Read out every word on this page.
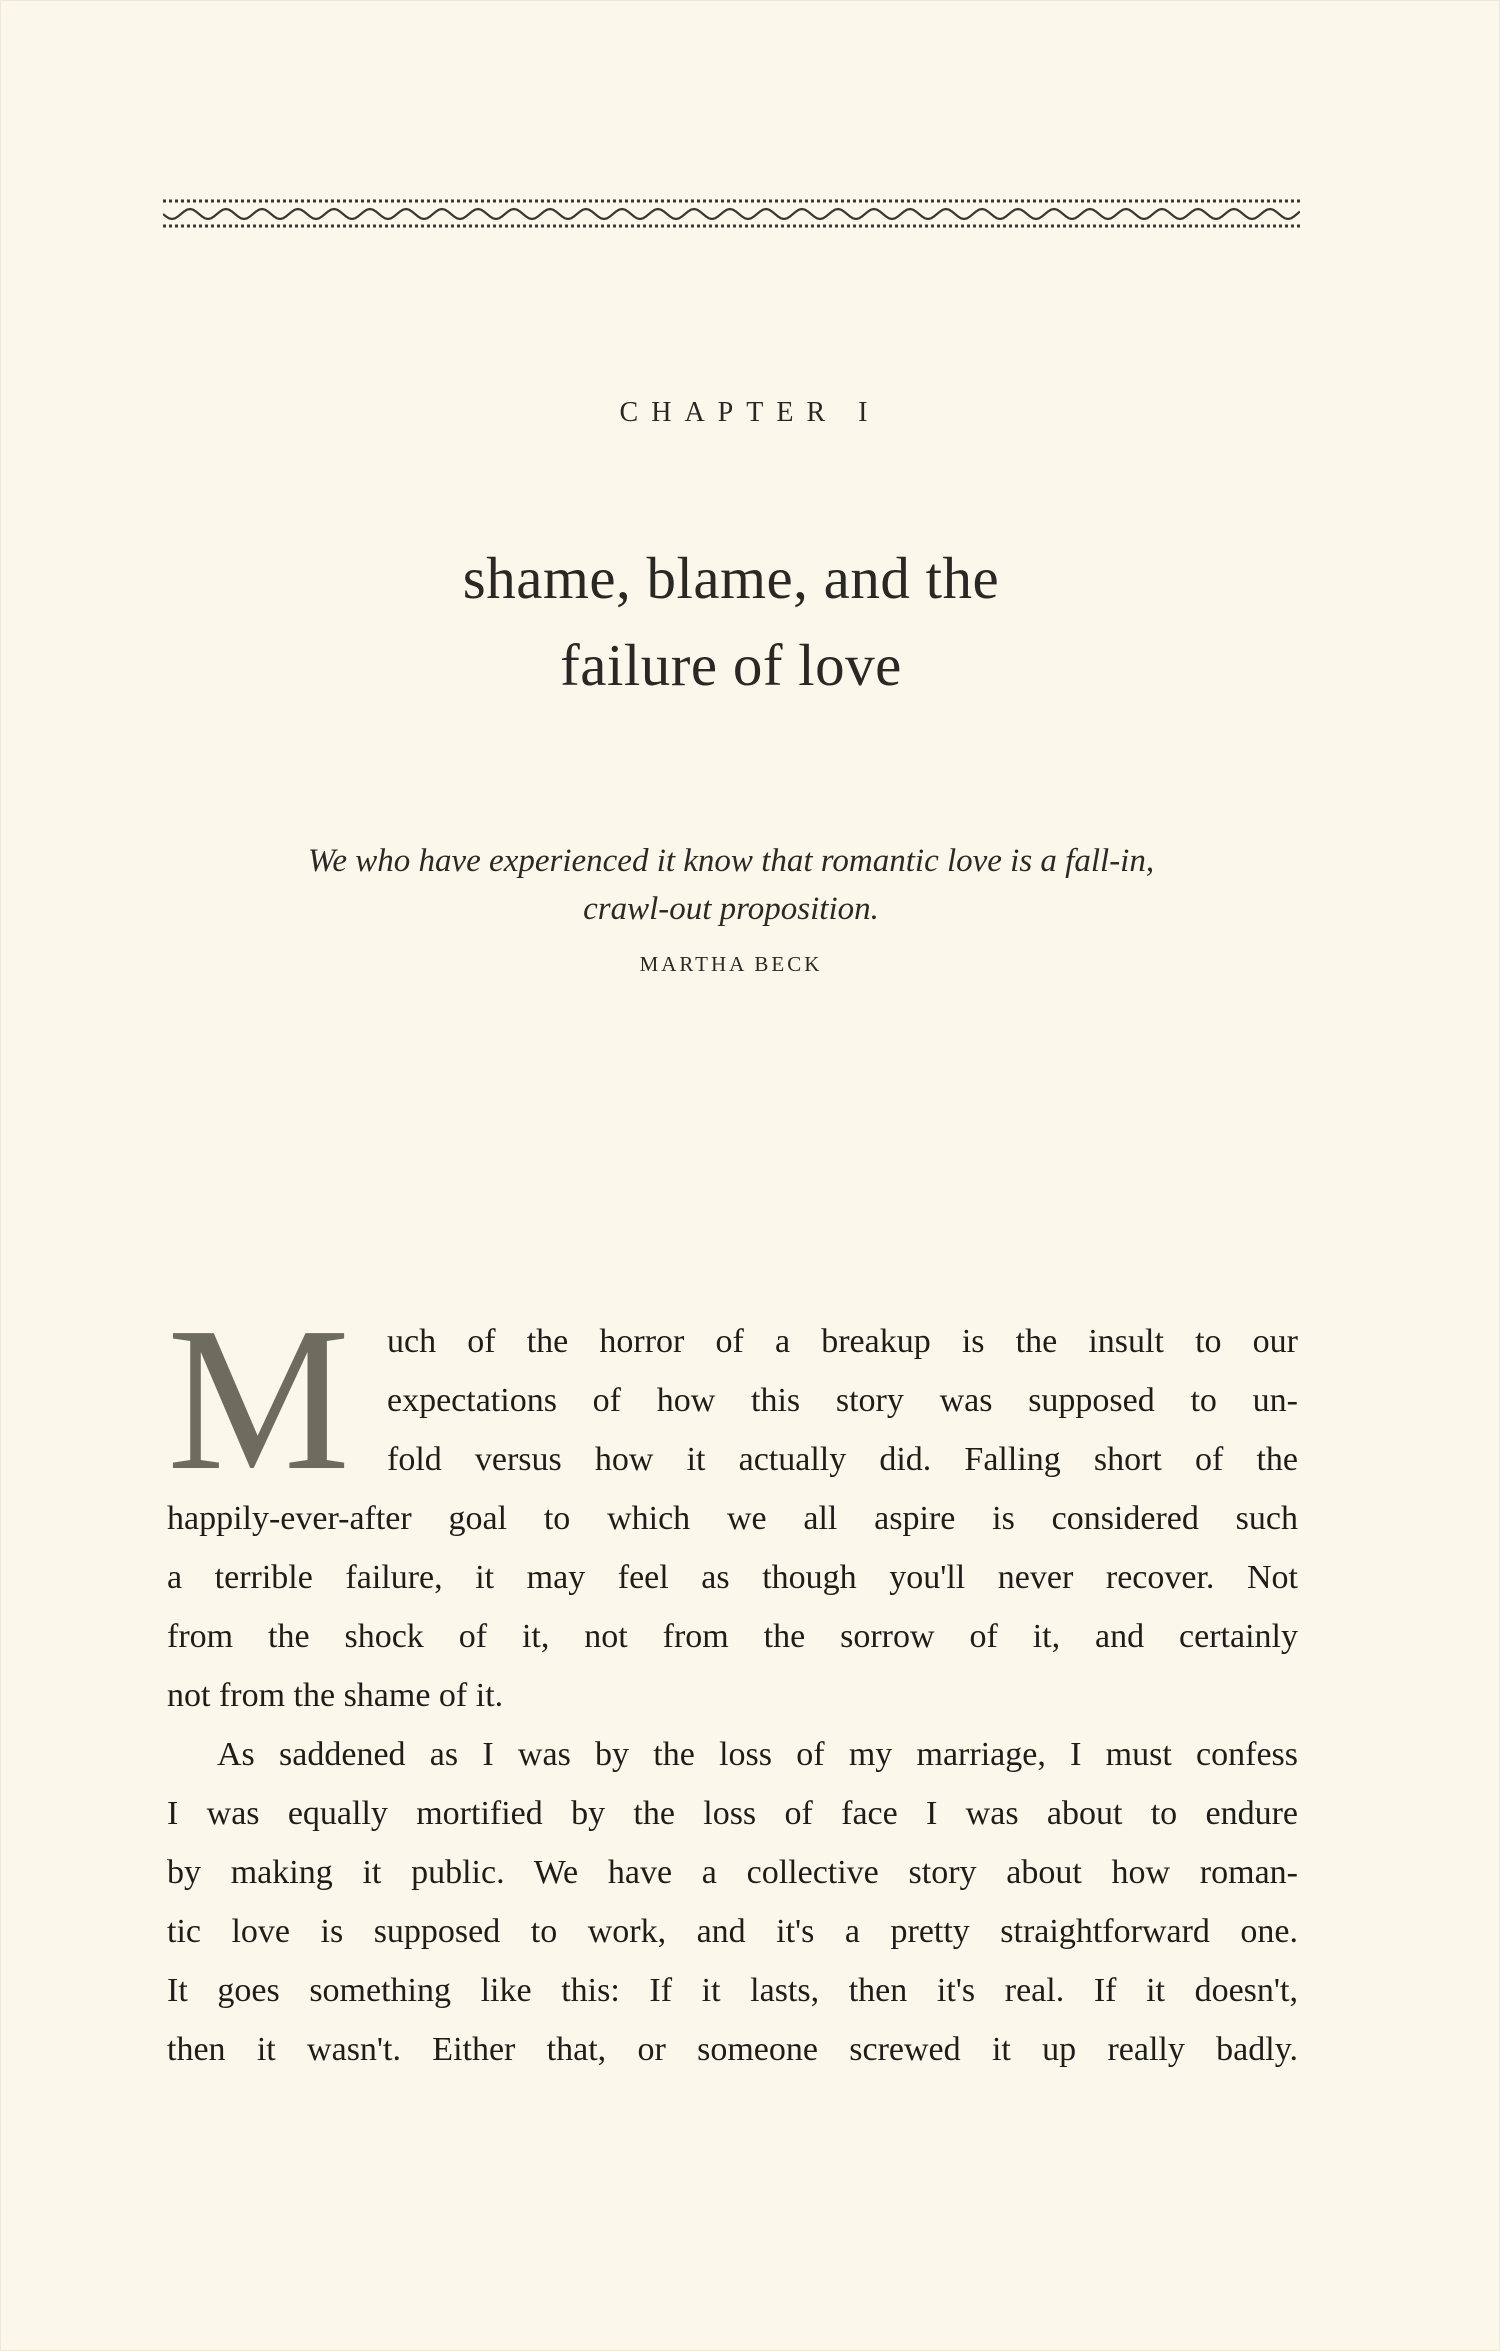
CHAPTER I
shame, blame, and the
failure of love
We who have experienced it know that romantic love is a fall-in,
crawl-out proposition.
MARTHA BECK
M uch of the horror of a breakup is the insult to our
expectations of how this story was supposed to un-
fold versus how it actually did. Falling short of the
happily-ever-after goal to which we all aspire is considered such
a terrible failure, it may feel as though you'll never recover. Not
from the shock of it, not from the sorrow of it, and certainly
not from the shame of it.
As saddened as I was by the loss of my marriage, I must confess
I was equally mortified by the loss of face I was about to endure
by making it public. We have a collective story about how roman-
tic love is supposed to work, and it's a pretty straightforward one.
It goes something like this: If it lasts, then it's real. If it doesn't,
then it wasn't. Either that, or someone screwed it up really badly.
